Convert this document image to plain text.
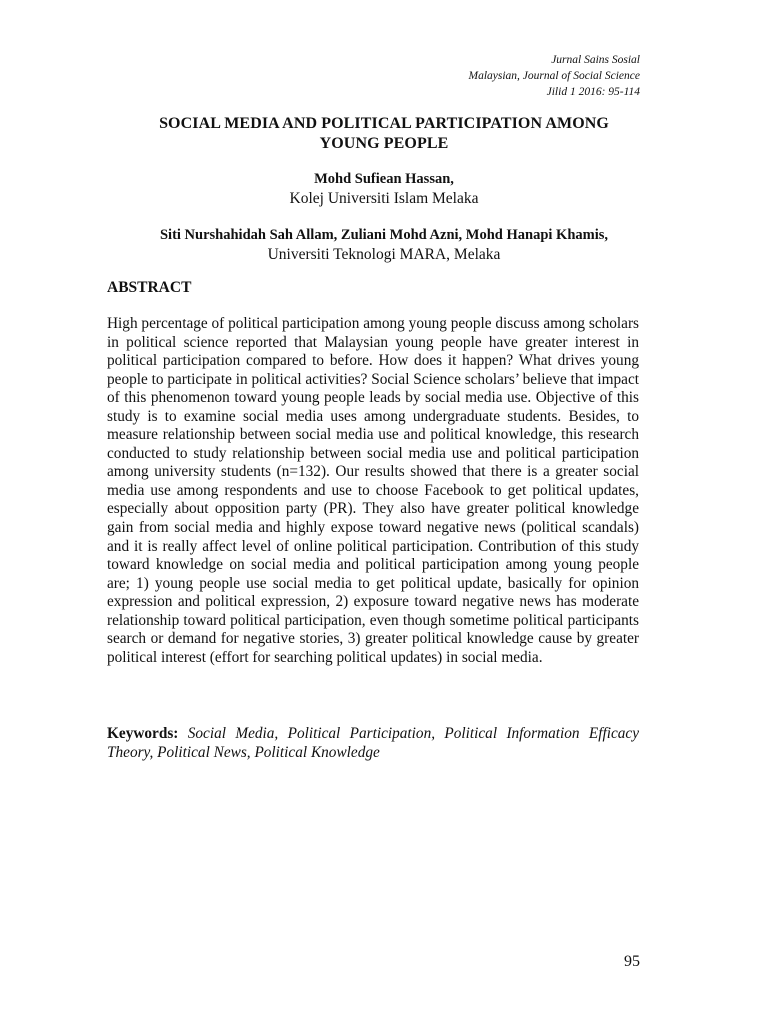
Jurnal Sains Sosial
Malaysian, Journal of Social Science
Jilid 1 2016: 95-114
SOCIAL MEDIA AND POLITICAL PARTICIPATION AMONG
YOUNG PEOPLE
Mohd Sufiean Hassan,
Kolej Universiti Islam Melaka
Siti Nurshahidah Sah Allam, Zuliani Mohd Azni, Mohd Hanapi Khamis,
Universiti Teknologi MARA, Melaka
ABSTRACT
High percentage of political participation among young people discuss among scholars in political science reported that Malaysian young people have greater interest in political participation compared to before. How does it happen? What drives young people to participate in political activities? Social Science scholars’ believe that impact of this phenomenon toward young people leads by social media use. Objective of this study is to examine social media uses among undergraduate students. Besides, to measure relationship between social media use and political knowledge, this research conducted to study relationship between social media use and political participation among university students (n=132). Our results showed that there is a greater social media use among respondents and use to choose Facebook to get political updates, especially about opposition party (PR). They also have greater political knowledge gain from social media and highly expose toward negative news (political scandals) and it is really affect level of online political participation. Contribution of this study toward knowledge on social media and political participation among young people are; 1) young people use social media to get political update, basically for opinion expression and political expression, 2) exposure toward negative news has moderate relationship toward political participation, even though sometime political participants search or demand for negative stories, 3) greater political knowledge cause by greater political interest (effort for searching political updates) in social media.
Keywords: Social Media, Political Participation, Political Information Efficacy Theory, Political News, Political Knowledge
95
